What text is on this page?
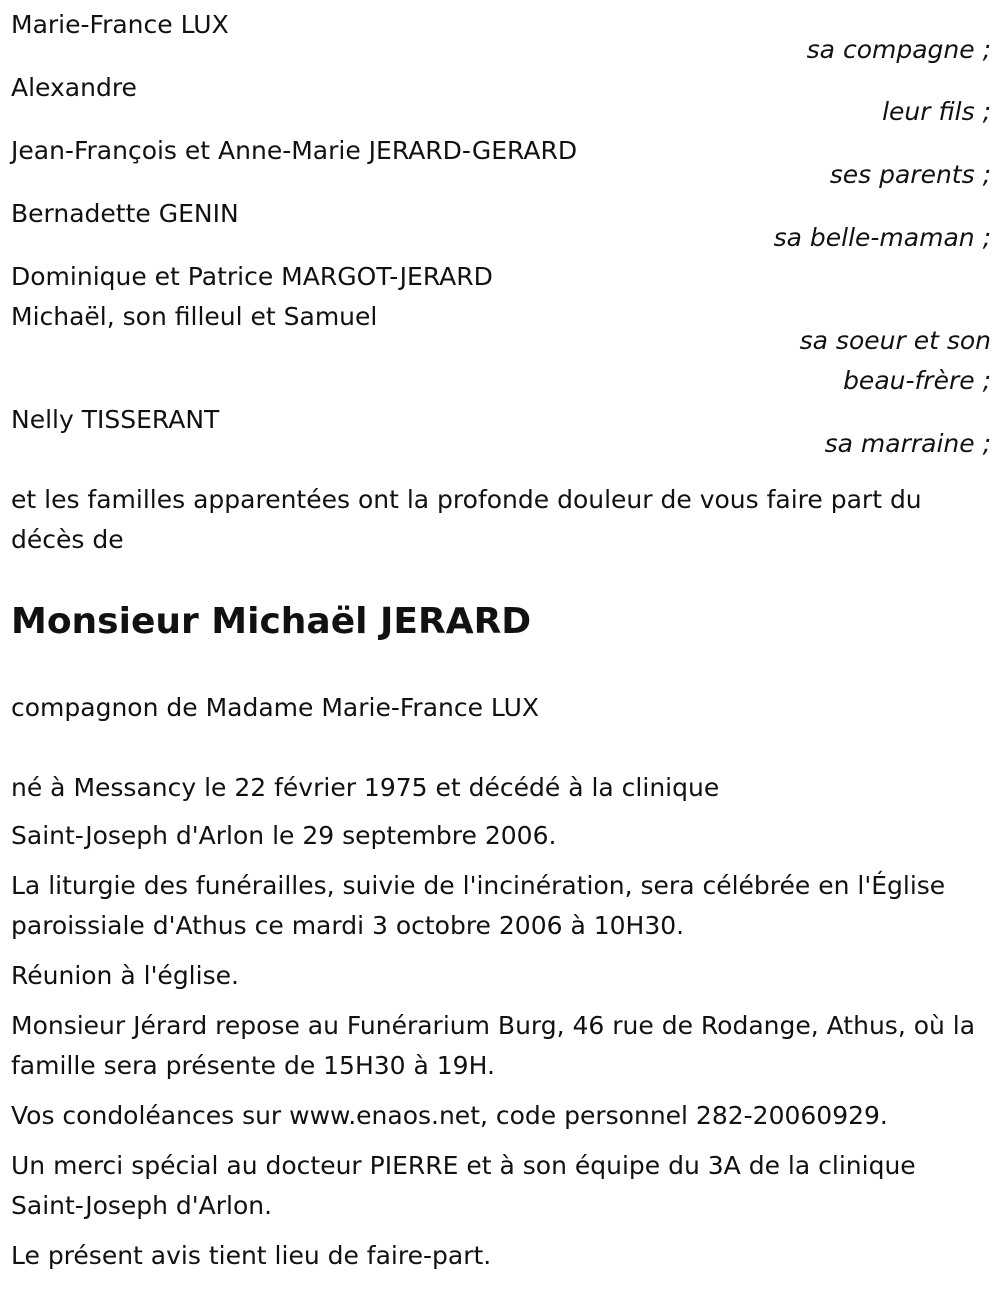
Marie-France LUX

sa compagne ;

Alexandre

leur fils ;

Jean-François et Anne-Marie JERARD-GERARD

ses parents ;

Bernadette GENIN

sa belle-maman ;

Dominique et Patrice MARGOT-JERARD

Michaël, son filleul et Samuel

sa soeur et son

beau-frère ;

Nelly TISSERANT

sa marraine ;

et les familles apparentées ont la profonde douleur de vous faire part du décès de

Monsieur Michaël JERARD

compagnon de Madame Marie-France LUX

né à Messancy le 22 février 1975 et décédé à la clinique

Saint-Joseph d'Arlon le 29 septembre 2006.

La liturgie des funérailles, suivie de l'incinération, sera célébrée en l'Église paroissiale d'Athus ce mardi 3 octobre 2006 à 10H30.

Réunion à l'église.

Monsieur Jérard repose au Funérarium Burg, 46 rue de Rodange, Athus, où la famille sera présente de 15H30 à 19H.

Vos condoléances sur www.enaos.net, code personnel 282-20060929.

Un merci spécial au docteur PIERRE et à son équipe du 3A de la clinique Saint-Joseph d'Arlon.

Le présent avis tient lieu de faire-part.
